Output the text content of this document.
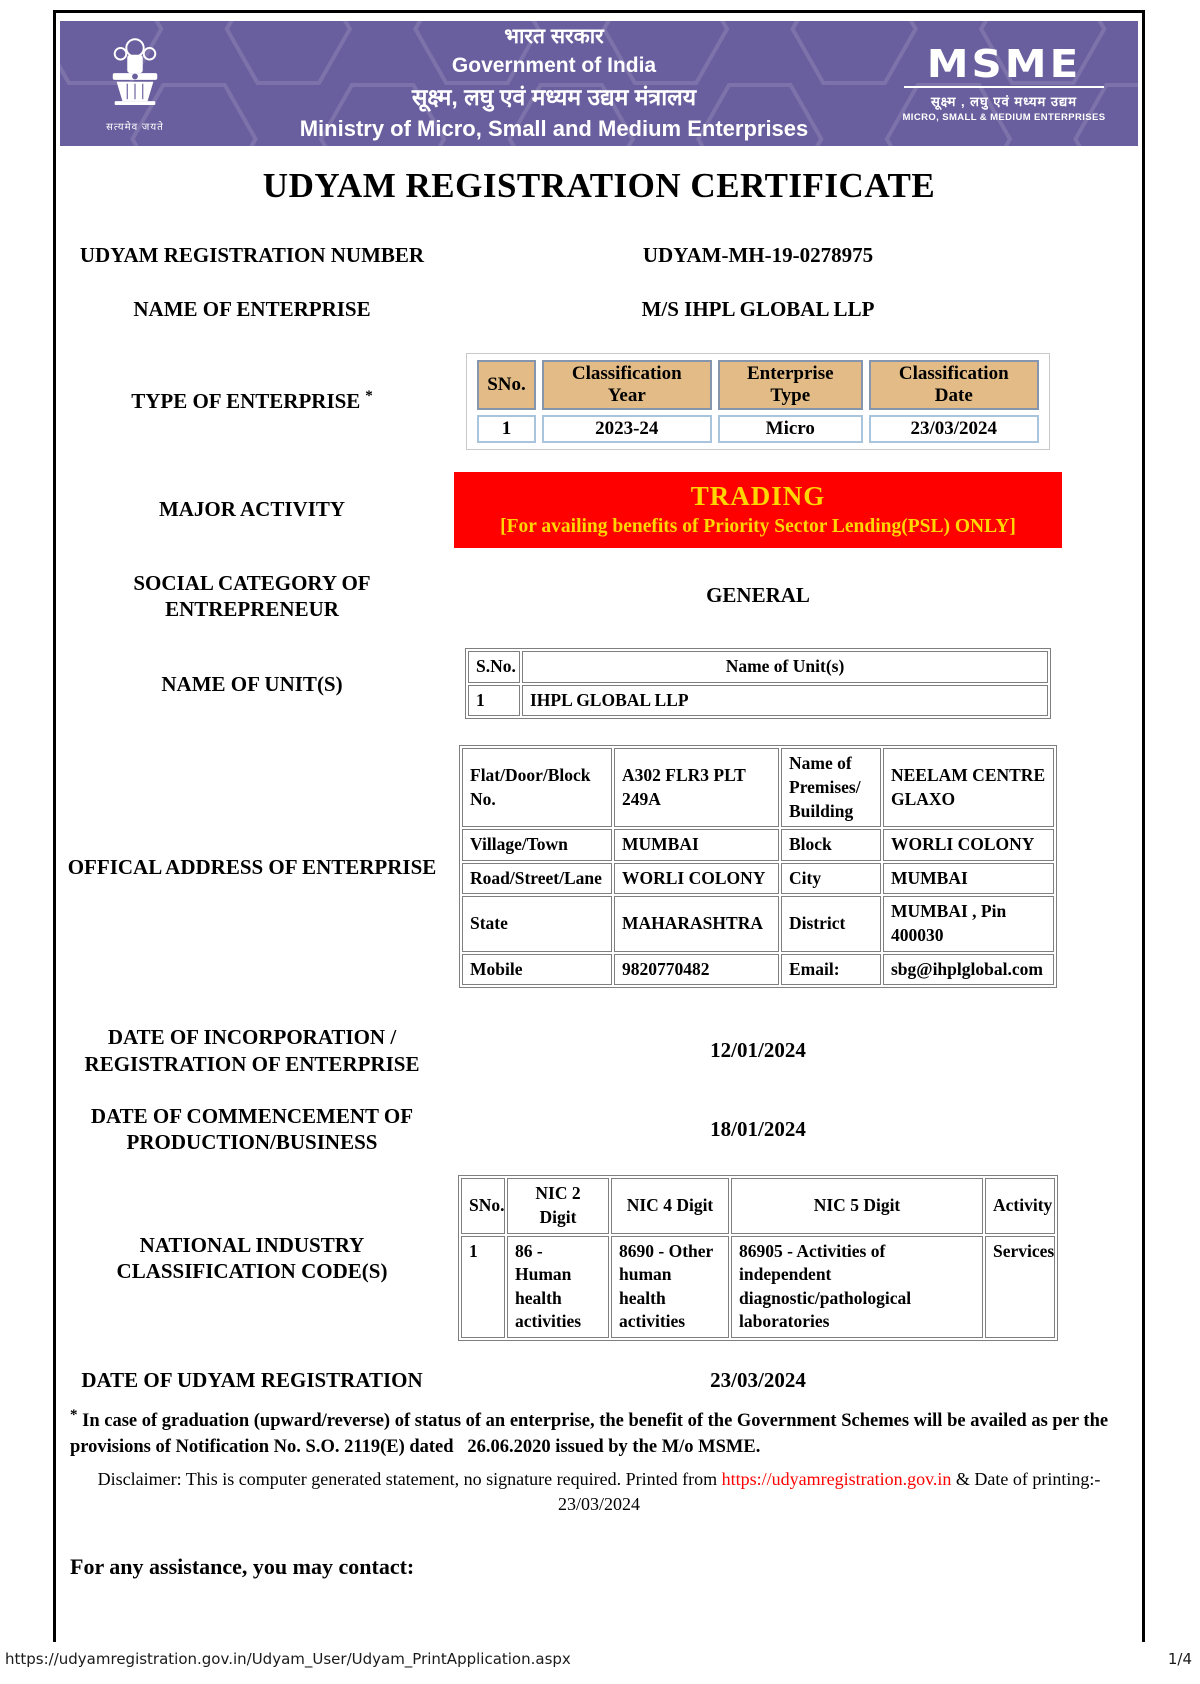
सत्यमेव जयते
भारत सरकार
Government of India
सूक्ष्म, लघु एवं मध्यम उद्यम मंत्रालय
Ministry of Micro, Small and Medium Enterprises
MSME
सूक्ष्म , लघु एवं मध्यम उद्यम
MICRO, SMALL & MEDIUM ENTERPRISES
UDYAM REGISTRATION CERTIFICATE
UDYAM REGISTRATION NUMBER	UDYAM-MH-19-0278975
NAME OF ENTERPRISE	M/S IHPL GLOBAL LLP
TYPE OF ENTERPRISE *
SNo.	Classification Year	Enterprise Type	Classification Date
1	2023-24	Micro	23/03/2024
MAJOR ACTIVITY	TRADING
[For availing benefits of Priority Sector Lending(PSL) ONLY]
SOCIAL CATEGORY OF ENTREPRENEUR
GENERAL
NAME OF UNIT(S)
S.No.	Name of Unit(s)
1	IHPL GLOBAL LLP
OFFICAL ADDRESS OF ENTERPRISE
Flat/Door/Block No.	A302 FLR3 PLT 249A	Name of Premises/ Building	NEELAM CENTRE GLAXO
Village/Town	MUMBAI	Block	WORLI COLONY
Road/Street/Lane	WORLI COLONY	City	MUMBAI
State	MAHARASHTRA	District	MUMBAI , Pin 400030
Mobile	9820770482	Email:	sbg@ihplglobal.com
DATE OF INCORPORATION / REGISTRATION OF ENTERPRISE
12/01/2024
DATE OF COMMENCEMENT OF PRODUCTION/BUSINESS
18/01/2024
NATIONAL INDUSTRY CLASSIFICATION CODE(S)
SNo.	NIC 2 Digit	NIC 4 Digit	NIC 5 Digit	Activity
1	86 - Human health activities	8690 - Other human health activities	86905 - Activities of independent diagnostic/pathological laboratories	Services
DATE OF UDYAM REGISTRATION	23/03/2024
* In case of graduation (upward/reverse) of status of an enterprise, the benefit of the Government Schemes will be availed as per the provisions of Notification No. S.O. 2119(E) dated   26.06.2020 issued by the M/o MSME.
Disclaimer: This is computer generated statement, no signature required. Printed from https://udyamregistration.gov.in & Date of printing:-
23/03/2024
For any assistance, you may contact:
https://udyamregistration.gov.in/Udyam_User/Udyam_PrintApplication.aspx	1/4
